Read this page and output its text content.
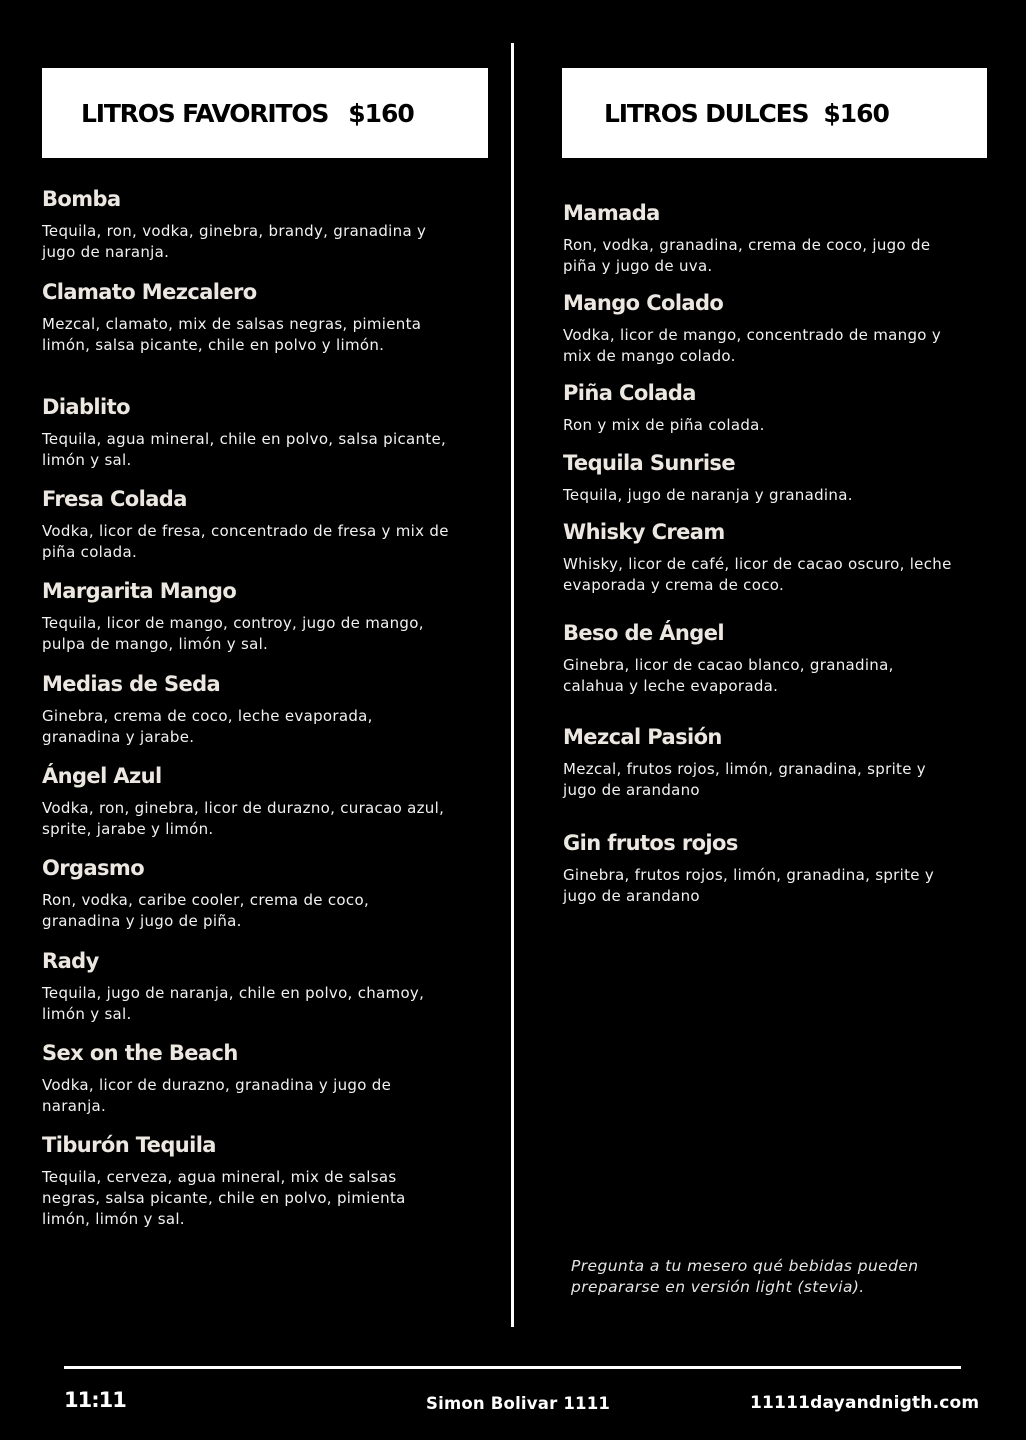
LITROS FAVORITOS $160	LITROS DULCES $160
Bomba
Tequila, ron, vodka, ginebra, brandy, granadina y jugo de naranja.
Clamato Mezcalero
Mezcal, clamato, mix de salsas negras, pimienta limón, salsa picante, chile en polvo y limón.
Diablito
Tequila, agua mineral, chile en polvo, salsa picante, limón y sal.
Fresa Colada
Vodka, licor de fresa, concentrado de fresa y mix de piña colada.
Margarita Mango
Tequila, licor de mango, controy, jugo de mango, pulpa de mango, limón y sal.
Medias de Seda
Ginebra, crema de coco, leche evaporada, granadina y jarabe.
Ángel Azul
Vodka, ron, ginebra, licor de durazno, curacao azul, sprite, jarabe y limón.
Orgasmo
Ron, vodka, caribe cooler, crema de coco, granadina y jugo de piña.
Rady
Tequila, jugo de naranja, chile en polvo, chamoy, limón y sal.
Sex on the Beach
Vodka, licor de durazno, granadina y jugo de naranja.
Tiburón Tequila
Tequila, cerveza, agua mineral, mix de salsas negras, salsa picante, chile en polvo, pimienta limón, limón y sal.
Mamada
Ron, vodka, granadina, crema de coco, jugo de piña y jugo de uva.
Mango Colado
Vodka, licor de mango, concentrado de mango y mix de mango colado.
Piña Colada
Ron y mix de piña colada.
Tequila Sunrise
Tequila, jugo de naranja y granadina.
Whisky Cream
Whisky, licor de café, licor de cacao oscuro, leche evaporada y crema de coco.
Beso de Ángel
Ginebra, licor de cacao blanco, granadina, calahua y leche evaporada.
Mezcal Pasión
Mezcal, frutos rojos, limón, granadina, sprite y jugo de arandano
Gin frutos rojos
Ginebra, frutos rojos, limón, granadina, sprite y jugo de arandano
Pregunta a tu mesero qué bebidas pueden prepararse en versión light (stevia).
11:11	Simon Bolivar 1111	11111dayandnigth.com
